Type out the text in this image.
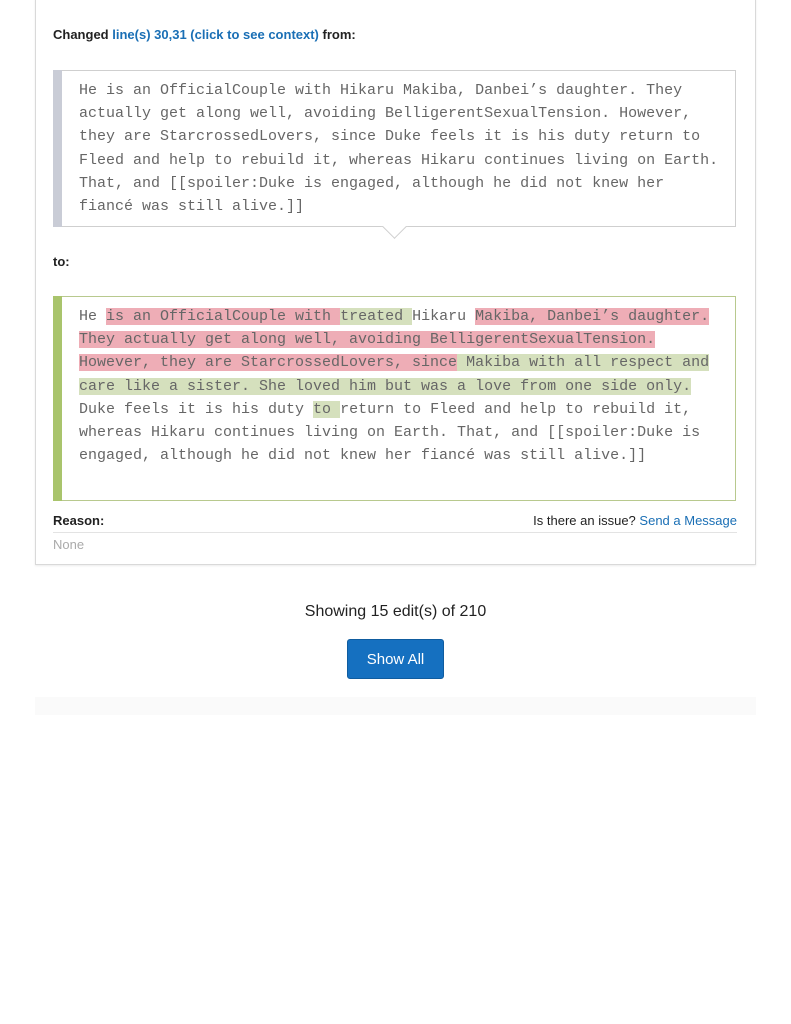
Changed line(s) 30,31 (click to see context) from:
He is an OfficialCouple with Hikaru Makiba, Danbei’s daughter. They actually get along well, avoiding BelligerentSexualTension. However, they are StarcrossedLovers, since Duke feels it is his duty return to Fleed and help to rebuild it, whereas Hikaru continues living on Earth. That, and [[spoiler:Duke is engaged, although he did not knew her fiancé was still alive.]]
to:
He is an OfficialCouple with treated Hikaru Makiba, Danbei’s daughter. They actually get along well, avoiding BelligerentSexualTension. However, they are StarcrossedLovers, since Makiba with all respect and care like a sister. She loved him but was a love from one side only. Duke feels it is his duty to return to Fleed and help to rebuild it, whereas Hikaru continues living on Earth. That, and [[spoiler:Duke is engaged, although he did not knew her fiancé was still alive.]]
Reason:	Is there an issue? Send a Message
None
Showing 15 edit(s) of 210
Show All
